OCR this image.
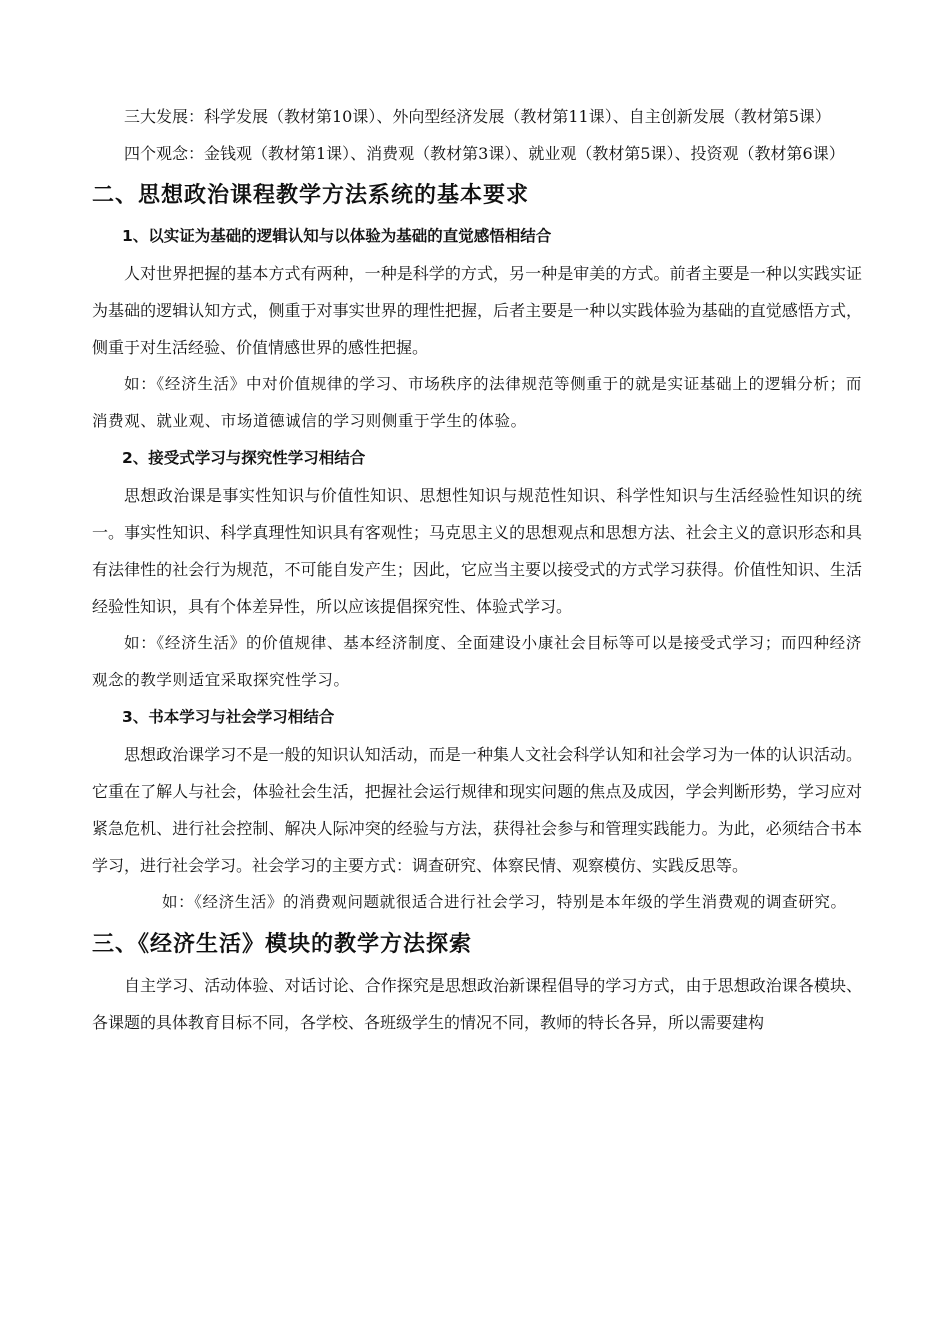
三大发展：科学发展（教材第10课）、外向型经济发展（教材第11课）、自主创新发展（教材第5课）

四个观念：金钱观（教材第1课）、消费观（教材第3课）、就业观（教材第5课）、投资观（教材第6课）

二、思想政治课程教学方法系统的基本要求
1、以实证为基础的逻辑认知与以体验为基础的直觉感悟相结合

人对世界把握的基本方式有两种，一种是科学的方式，另一种是审美的方式。前者主要是一种以实践实证为基础的逻辑认知方式，侧重于对事实世界的理性把握，后者主要是一种以实践体验为基础的直觉感悟方式，侧重于对生活经验、价值情感世界的感性把握。

如：《经济生活》中对价值规律的学习、市场秩序的法律规范等侧重于的就是实证基础上的逻辑分析；而消费观、就业观、市场道德诚信的学习则侧重于学生的体验。

2、接受式学习与探究性学习相结合

思想政治课是事实性知识与价值性知识、思想性知识与规范性知识、科学性知识与生活经验性知识的统一。事实性知识、科学真理性知识具有客观性；马克思主义的思想观点和思想方法、社会主义的意识形态和具有法律性的社会行为规范，不可能自发产生；因此，它应当主要以接受式的方式学习获得。价值性知识、生活经验性知识，具有个体差异性，所以应该提倡探究性、体验式学习。

如：《经济生活》的价值规律、基本经济制度、全面建设小康社会目标等可以是接受式学习；而四种经济观念的教学则适宜采取探究性学习。

3、书本学习与社会学习相结合

思想政治课学习不是一般的知识认知活动，而是一种集人文社会科学认知和社会学习为一体的认识活动。它重在了解人与社会，体验社会生活，把握社会运行规律和现实问题的焦点及成因，学会判断形势，学习应对紧急危机、进行社会控制、解决人际冲突的经验与方法，获得社会参与和管理实践能力。为此，必须结合书本学习，进行社会学习。社会学习的主要方式：调查研究、体察民情、观察模仿、实践反思等。

如：《经济生活》的消费观问题就很适合进行社会学习，特别是本年级的学生消费观的调查研究。

三、《经济生活》模块的教学方法探索

自主学习、活动体验、对话讨论、合作探究是思想政治新课程倡导的学习方式，由于思想政治课各模块、各课题的具体教育目标不同，各学校、各班级学生的情况不同，教师的特长各异，所以需要建构
